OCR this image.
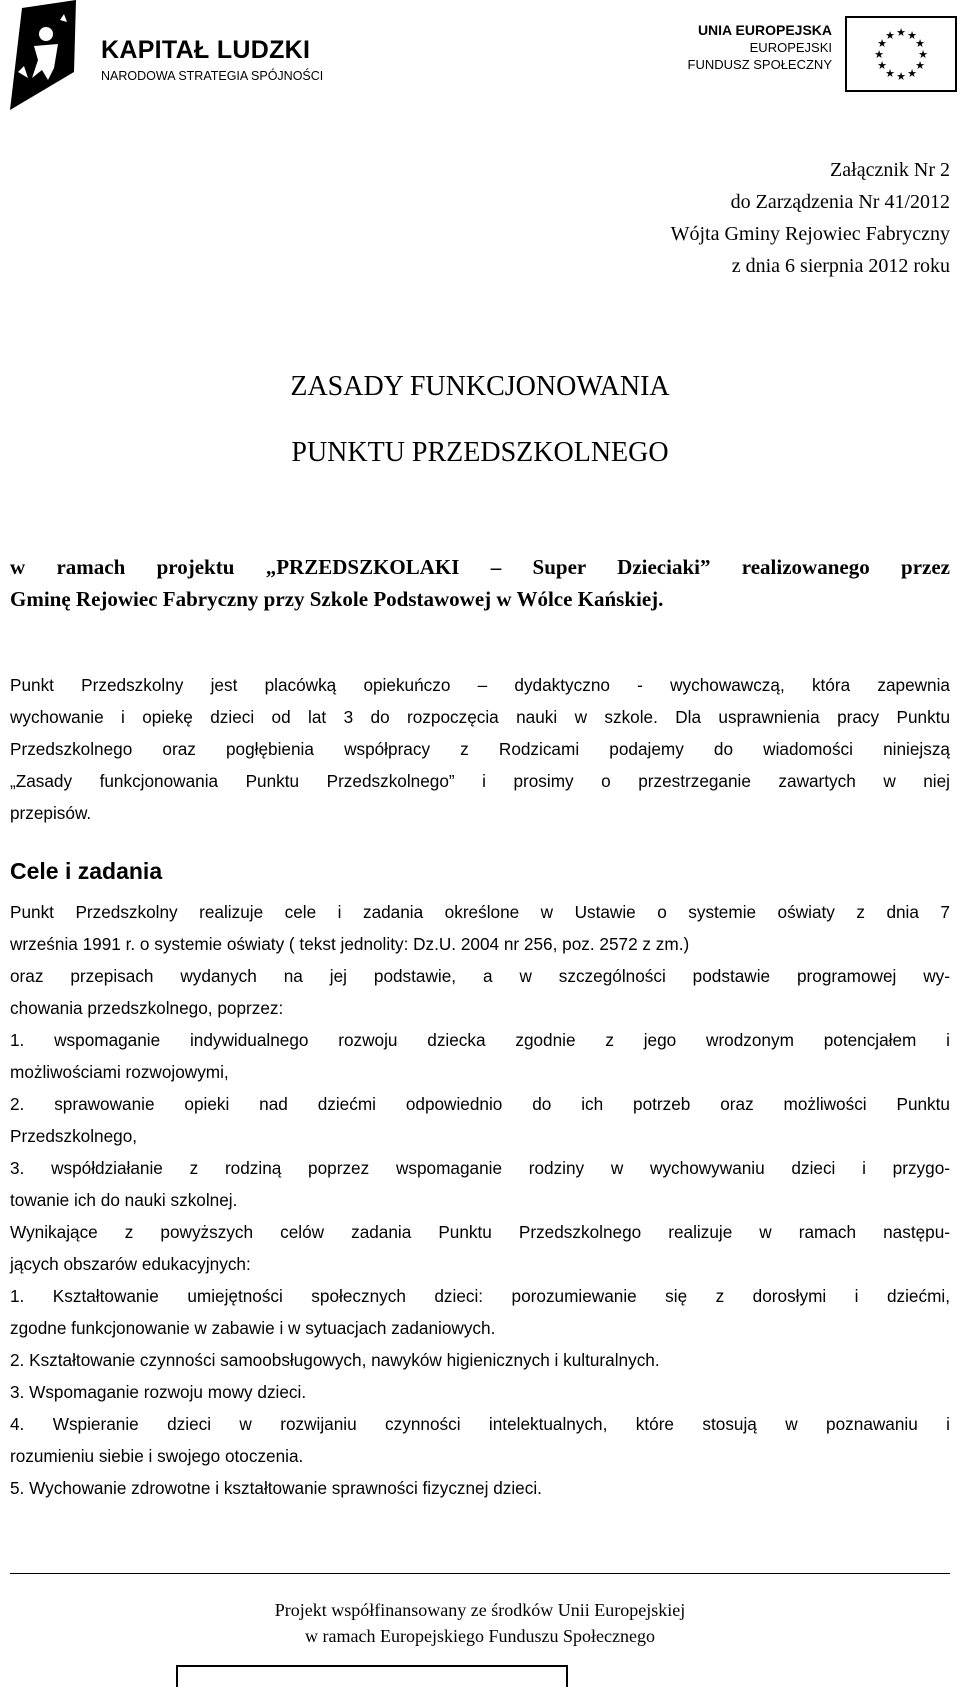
KAPITAŁ LUDZKI
NARODOWA STRATEGIA SPÓJNOŚCI
UNIA EUROPEJSKA
EUROPEJSKI
FUNDUSZ SPOŁECZNY
★ ★
★
★
★
★
★
★
★
★
★
★
Załącznik Nr 2
do Zarządzenia Nr 41/2012
Wójta Gminy Rejowiec Fabryczny
z dnia 6 sierpnia 2012 roku
ZASADY FUNKCJONOWANIA
PUNKTU PRZEDSZKOLNEGO
w ramach projektu „PRZEDSZKOLAKI – Super Dzieciaki” realizowanego przez
Gminę Rejowiec Fabryczny przy Szkole Podstawowej w Wólce Kańskiej.
Punkt Przedszkolny jest placówką opiekuńczo – dydaktyczno - wychowawczą, która zapewnia
wychowanie i opiekę dzieci od lat 3 do rozpoczęcia nauki w szkole. Dla usprawnienia pracy Punktu
Przedszkolnego oraz pogłębienia współpracy z Rodzicami podajemy do wiadomości niniejszą
„Zasady funkcjonowania Punktu Przedszkolnego” i prosimy o przestrzeganie zawartych w niej
przepisów.
Cele i zadania
Punkt Przedszkolny realizuje cele i zadania określone w Ustawie o systemie oświaty z dnia 7
września 1991 r. o systemie oświaty ( tekst jednolity: Dz.U. 2004 nr 256, poz. 2572 z zm.)
oraz przepisach wydanych na jej podstawie, a w szczególności podstawie programowej wy-
chowania przedszkolnego, poprzez:
1. wspomaganie indywidualnego rozwoju dziecka zgodnie z jego wrodzonym potencjałem i
możliwościami rozwojowymi,
2. sprawowanie opieki nad dziećmi odpowiednio do ich potrzeb oraz możliwości Punktu
Przedszkolnego,
3. współdziałanie z rodziną poprzez wspomaganie rodziny w wychowywaniu dzieci i przygo-
towanie ich do nauki szkolnej.
Wynikające z powyższych celów zadania Punktu Przedszkolnego realizuje w ramach następu-
jących obszarów edukacyjnych:
1. Kształtowanie umiejętności społecznych dzieci: porozumiewanie się z dorosłymi i dziećmi,
zgodne funkcjonowanie w zabawie i w sytuacjach zadaniowych.
2. Kształtowanie czynności samoobsługowych, nawyków higienicznych i kulturalnych.
3. Wspomaganie rozwoju mowy dzieci.
4. Wspieranie dzieci w rozwijaniu czynności intelektualnych, które stosują w poznawaniu i
rozumieniu siebie i swojego otoczenia.
5. Wychowanie zdrowotne i kształtowanie sprawności fizycznej dzieci.
Projekt współfinansowany ze środków Unii Europejskiej
w ramach Europejskiego Funduszu Społecznego
